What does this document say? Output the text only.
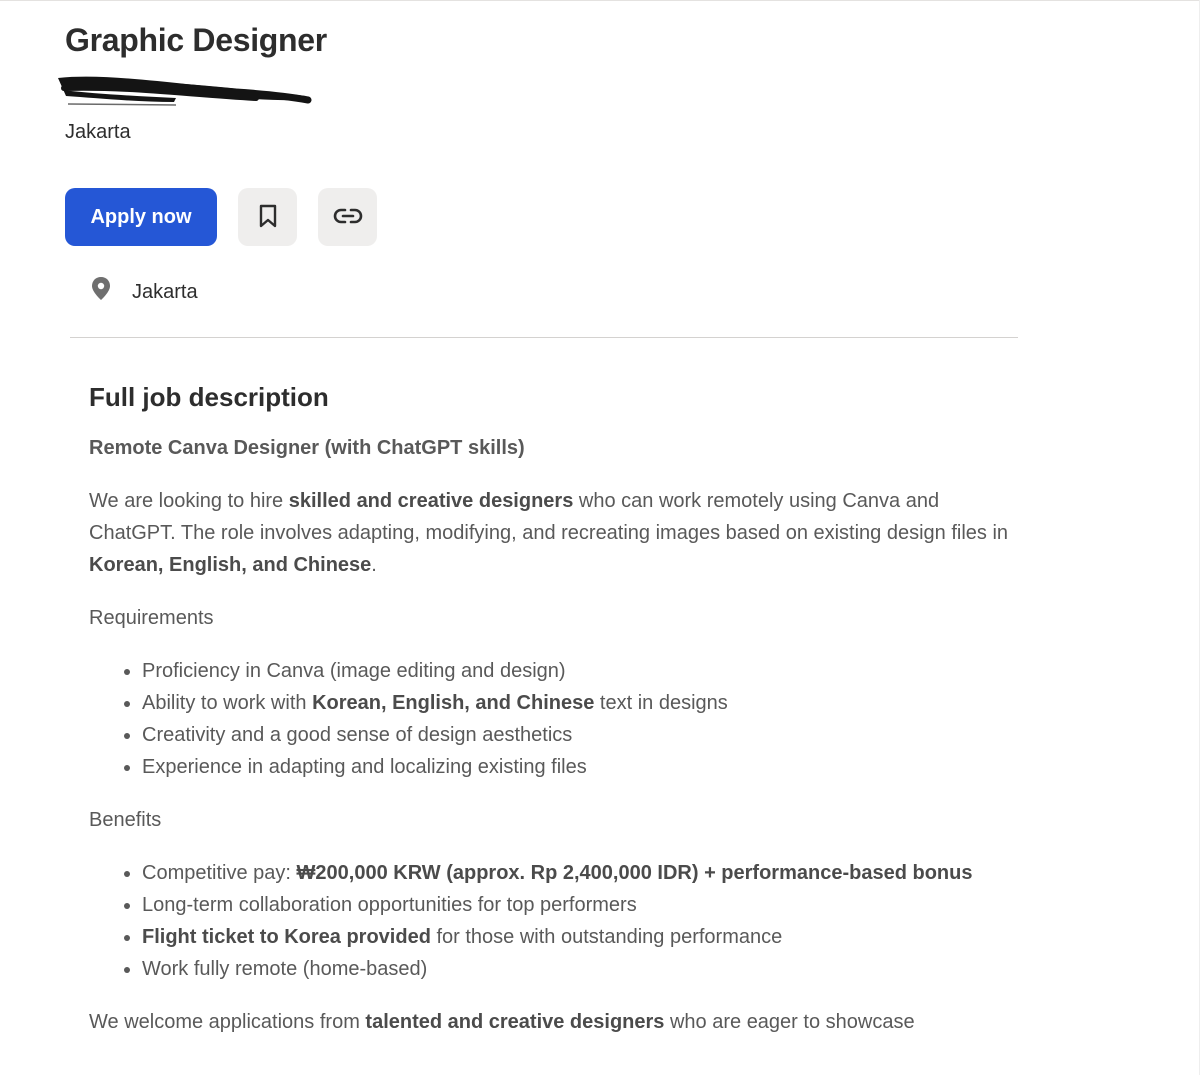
Graphic Designer
Jakarta
Apply now
Jakarta
Full job description

Remote Canva Designer (with ChatGPT skills)

We are looking to hire skilled and creative designers who can work remotely using Canva and ChatGPT. The role involves adapting, modifying, and recreating images based on existing design files in Korean, English, and Chinese.

Requirements

• Proficiency in Canva (image editing and design)
• Ability to work with Korean, English, and Chinese text in designs
• Creativity and a good sense of design aesthetics
• Experience in adapting and localizing existing files

Benefits

• Competitive pay: ₩200,000 KRW (approx. Rp 2,400,000 IDR) + performance-based bonus
• Long-term collaboration opportunities for top performers
• Flight ticket to Korea provided for those with outstanding performance
• Work fully remote (home-based)

We welcome applications from talented and creative designers who are eager to showcase
